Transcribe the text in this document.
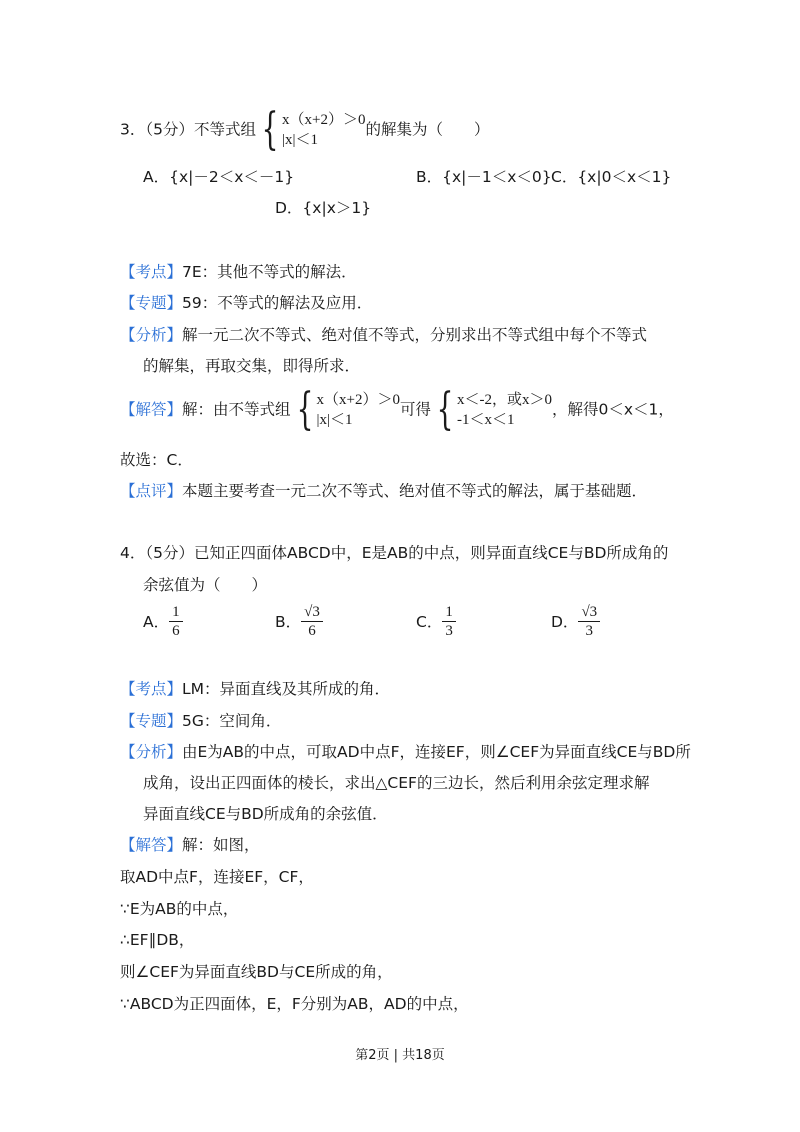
3．（5分）不等式组 { x（x+2）＞0
|x|＜1
的解集为（　　）
A．{x|－2＜x＜－1}	B．{x|－1＜x＜0} C．{x|0＜x＜1}
D．{x|x＞1}
【考点】7E：其他不等式的解法．
【专题】59：不等式的解法及应用．
【分析】解一元二次不等式、绝对值不等式，分别求出不等式组中每个不等式
的解集，再取交集，即得所求．
【解答】解：由不等式组 { x（x+2）＞0
|x|＜1
可得 { x＜-2，或x＞0
-1＜x＜1
，解得0＜x＜1，
故选：C．
【点评】本题主要考查一元二次不等式、绝对值不等式的解法，属于基础题．
4．（5分）已知正四面体ABCD中，E是AB的中点，则异面直线CE与BD所成角的
余弦值为（　　）
A． $\frac{1}{6}$	B． $\frac{√3}{6}$	C． $\frac{1}{3}$	D． $\frac{√3}{3}$
【考点】LM：异面直线及其所成的角．
【专题】5G：空间角．
【分析】由E为AB的中点，可取AD中点F，连接EF，则∠CEF为异面直线CE与BD所
成角，设出正四面体的棱长，求出△CEF的三边长，然后利用余弦定理求解
异面直线CE与BD所成角的余弦值．
【解答】解：如图，
取AD中点F，连接EF，CF，
∵E为AB的中点，
∴EF∥DB，
则∠CEF为异面直线BD与CE所成的角，
∵ABCD为正四面体，E，F分别为AB，AD的中点，
第2页 | 共18页
